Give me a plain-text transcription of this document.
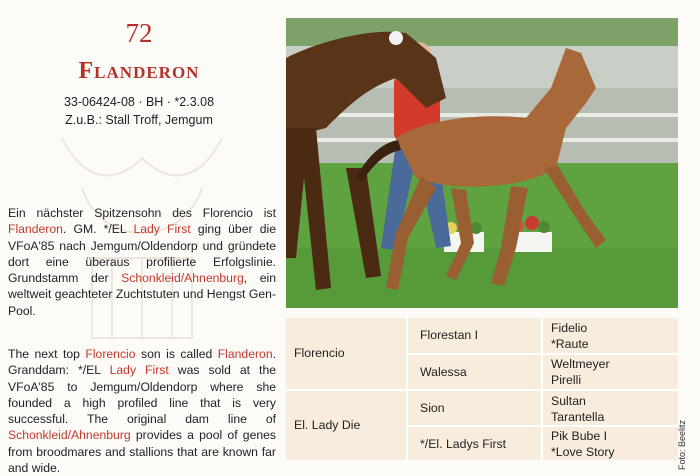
72
Flanderon
33-06424-08 · BH · *2.3.08
Z.u.B.: Stall Troff, Jemgum
Ein nächster Spitzensohn des Florencio ist Flanderon. GM. */EL Lady First ging über die VFoA'85 nach Jemgum/Oldendorp und gründete dort eine überaus profilierte Erfolgslinie. Grundstamm der Schonkleid/Ahnenburg, ein weltweit geachteter Zuchtstuten und Hengst Gen-Pool.
The next top Florencio son is called Flanderon. Granddam: */EL Lady First was sold at the VFoA'85 to Jemgum/Oldendorp where she founded a high profiled line that is very successful. The original dam line of Schonkleid/Ahnenburg provides a pool of genes from broodmares and stallions that are known far and wide.
Florencio
El. Lady Die
Florestan I
Walessa
Sion
*/El. Ladys First
Fidelio
*Raute
Weltmeyer
Pirelli
Sultan
Tarantella
Pik Bube I
*Love Story	Foto: Beelitz
